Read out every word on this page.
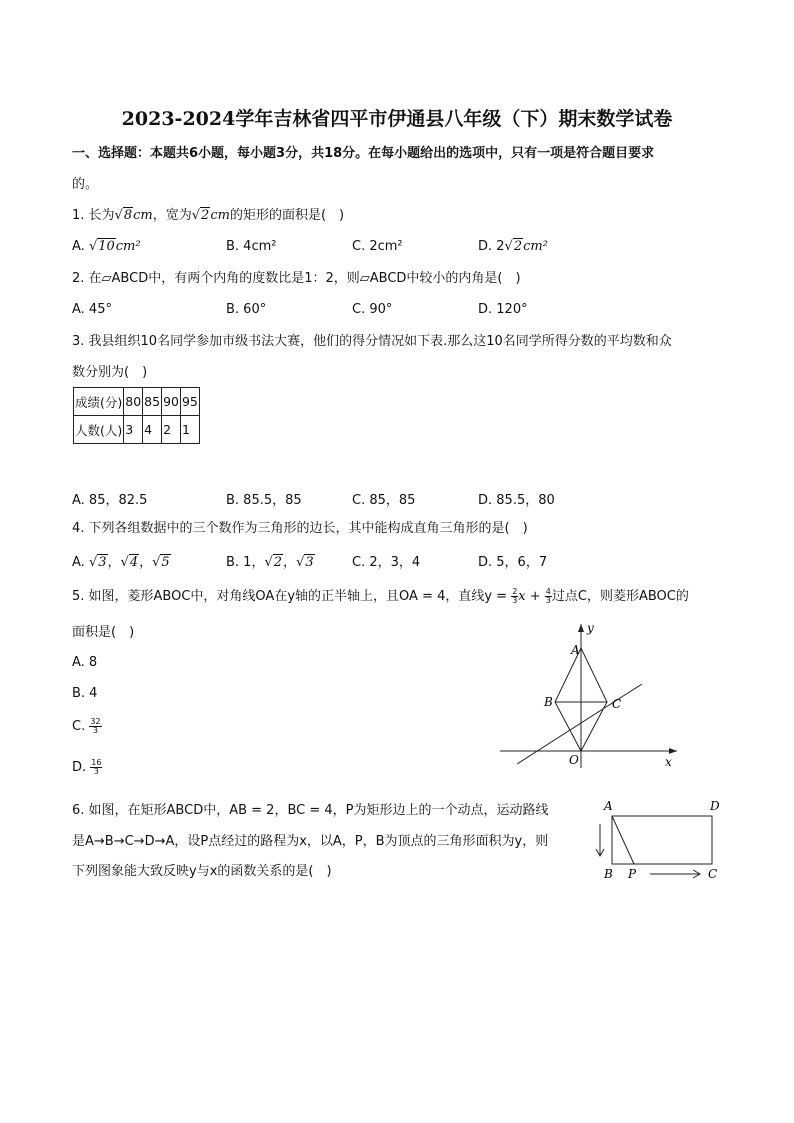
2023-2024学年吉林省四平市伊通县八年级（下）期末数学试卷
一、选择题：本题共6小题，每小题3分，共18分。在每小题给出的选项中，只有一项是符合题目要求
的。
1. 长为√8cm，宽为√2cm的矩形的面积是(　)
A. √10cm²	B. 4cm²	C. 2cm²	D. 2√2cm²
2. 在▱ABCD中，有两个内角的度数比是1：2，则▱ABCD中较小的内角是(　)
A. 45°	B. 60°	C. 90°	D. 120°
3. 我县组织10名同学参加市级书法大赛，他们的得分情况如下表.那么这10名同学所得分数的平均数和众
数分别为(　)
成绩(分)	80	85	90	95
人数(人)	3	4	2	1
A. 85，82.5	B. 85.5，85	C. 85，85	D. 85.5，80
4. 下列各组数据中的三个数作为三角形的边长，其中能构成直角三角形的是(　)
A. √3，√4，√5	B. 1，√2，√3	C. 2，3，4	D. 5，6，7
5. 如图，菱形ABOC中，对角线OA在y轴的正半轴上，且OA = 4，直线$y = \frac{2}{3}$ $x + \frac{4}{3}$ 过点C，则菱形ABOC的
面积是(　)
A. 8
B. 4
C. $\frac{32}{3}$
D. $\frac{16}{3}$
y
A
B	C
O	x
6. 如图，在矩形ABCD中，AB = 2，BC = 4，P为矩形边上的一个动点，运动路线
是A→B→C→D→A，设P点经过的路程为x，以A，P，B为顶点的三角形面积为y，则
下列图象能大致反映y与x的函数关系的是(　)
A	D
B P	C
